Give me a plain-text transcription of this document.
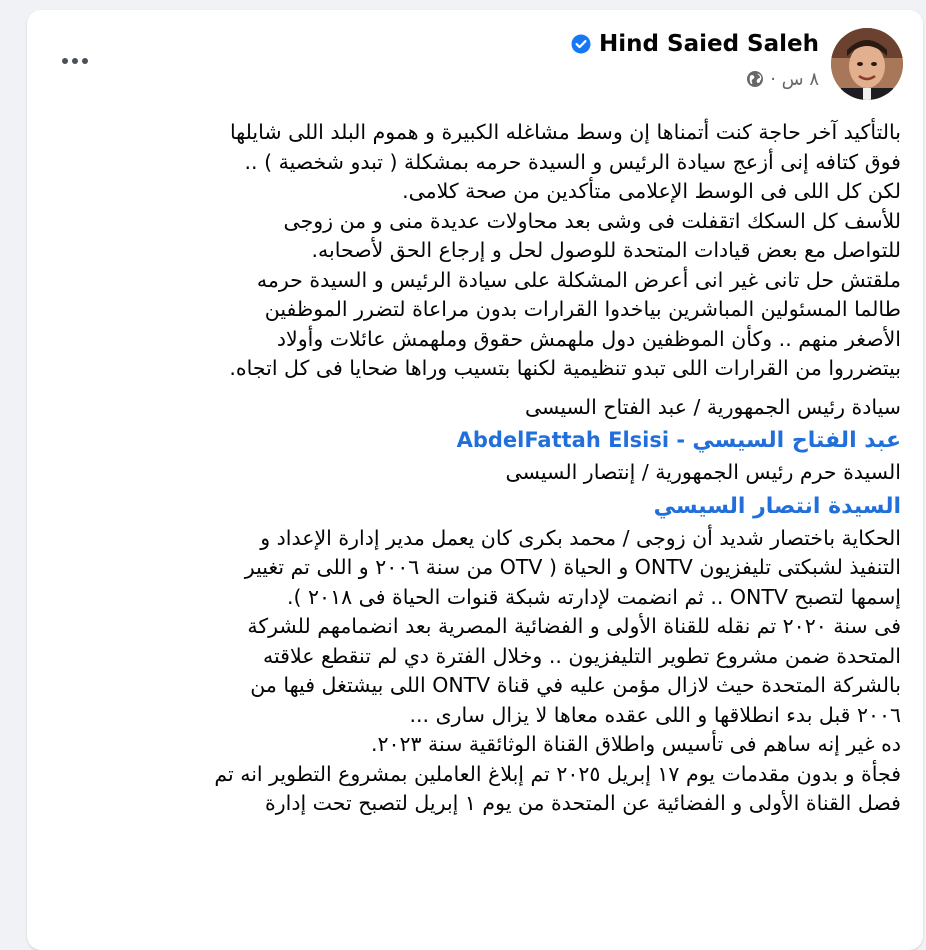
Hind Saied Saleh
٨ س ·
بالتأكيد آخر حاجة كنت أتمناها إن وسط مشاغله الكبيرة و هموم البلد اللى شايلها
فوق كتافه إنى أزعج سيادة الرئيس و السيدة حرمه بمشكلة ( تبدو شخصية ) ..
لكن كل اللى فى الوسط الإعلامى متأكدين من صحة كلامى.
للأسف كل السكك اتقفلت فى وشى بعد محاولات عديدة منى و من زوجى
للتواصل مع بعض قيادات المتحدة للوصول لحل و إرجاع الحق لأصحابه.
ملقتش حل تانى غير انى أعرض المشكلة على سيادة الرئيس و السيدة حرمه
طالما المسئولين المباشرين بياخدوا القرارات بدون مراعاة لتضرر الموظفين
الأصغر منهم .. وكأن الموظفين دول ملهمش حقوق وملهمش عائلات وأولاد
بيتضرروا من القرارات اللى تبدو تنظيمية لكنها بتسيب وراها ضحايا فى كل اتجاه.
سيادة رئيس الجمهورية / عبد الفتاح السيسى
عبد الفتاح السيسي - AbdelFattah Elsisi
السيدة حرم رئيس الجمهورية / إنتصار السيسى
السيدة انتصار السيسي
الحكاية باختصار شديد أن زوجى / محمد بكرى كان يعمل مدير إدارة الإعداد و
التنفيذ لشبكتى تليفزيون ONTV و الحياة ( OTV من سنة ٢٠٠٦ و اللى تم تغيير
إسمها لتصبح ONTV .. ثم انضمت لإدارته شبكة قنوات الحياة فى ٢٠١٨ ).
فى سنة ٢٠٢٠ تم نقله للقناة الأولى و الفضائية المصرية بعد انضمامهم للشركة
المتحدة ضمن مشروع تطوير التليفزيون .. وخلال الفترة دي لم تنقطع علاقته
بالشركة المتحدة حيث لازال مؤمن عليه في قناة ONTV اللى بيشتغل فيها من
٢٠٠٦ قبل بدء انطلاقها و اللى عقده معاها لا يزال سارى ...
ده غير إنه ساهم فى تأسيس واطلاق القناة الوثائقية سنة ٢٠٢٣.
فجأة و بدون مقدمات يوم ١٧ إبريل ٢٠٢٥ تم إبلاغ العاملين بمشروع التطوير انه تم
فصل القناة الأولى و الفضائية عن المتحدة من يوم ١ إبريل لتصبح تحت إدارة
